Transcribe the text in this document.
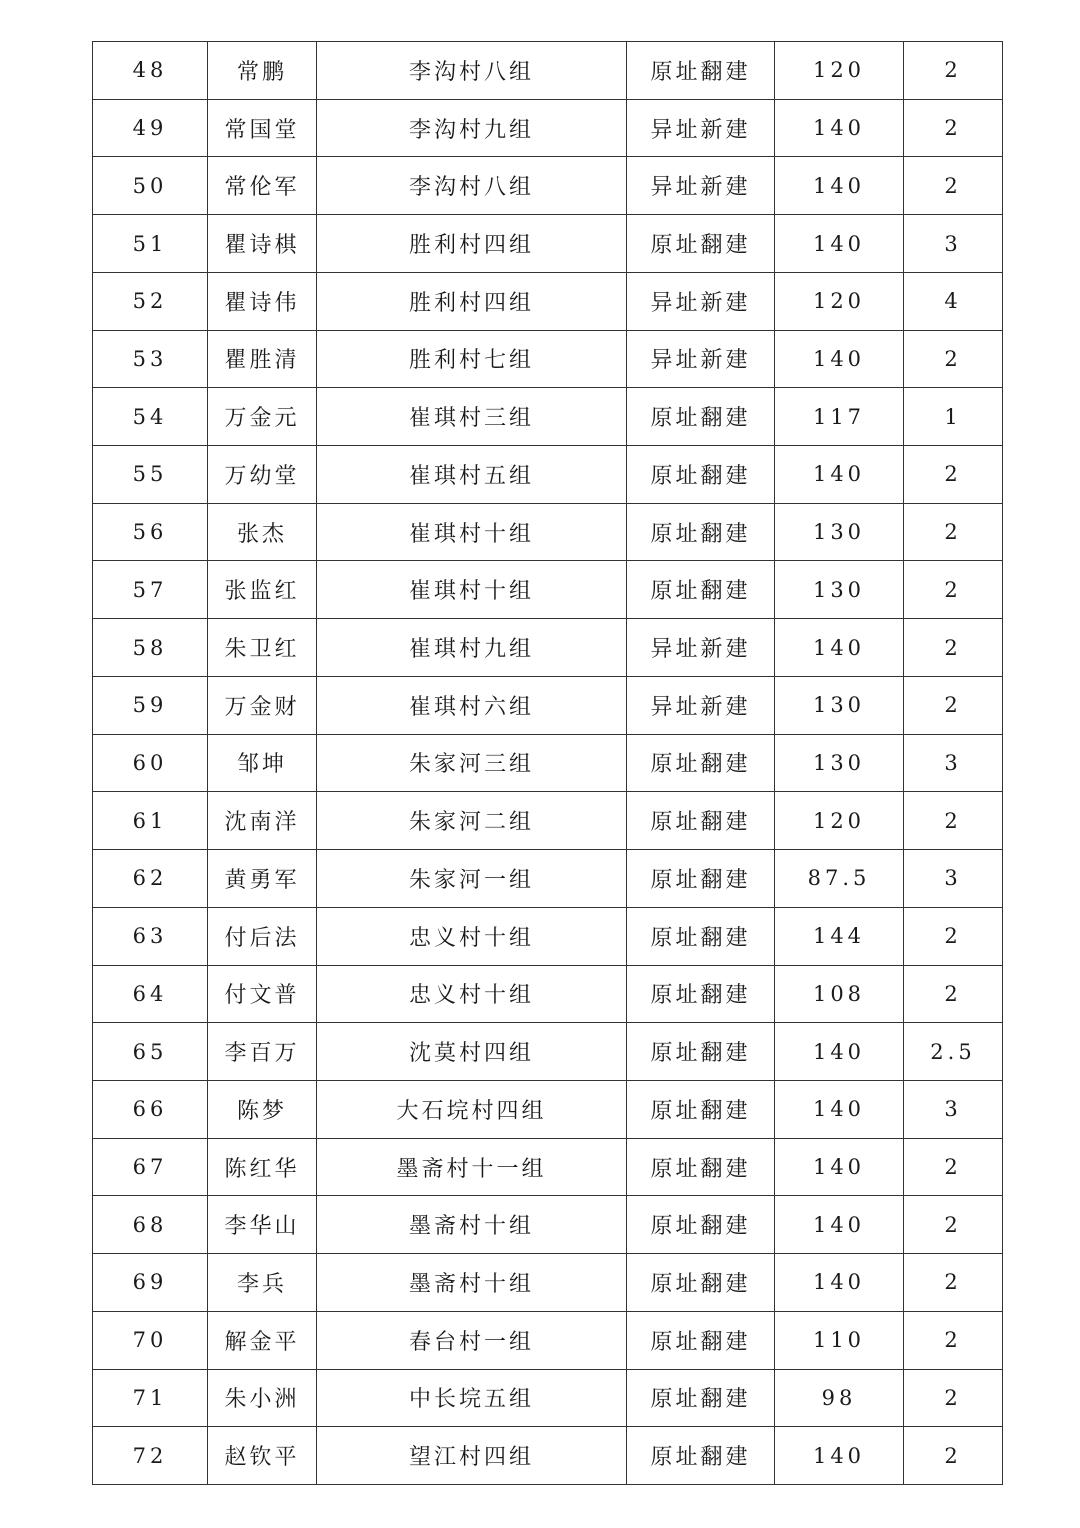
48	常鹏	李沟村八组	原址翻建	120	2
49	常国堂	李沟村九组	异址新建	140	2
50	常伦军	李沟村八组	异址新建	140	2
51	瞿诗棋	胜利村四组	原址翻建	140	3
52	瞿诗伟	胜利村四组	异址新建	120	4
53	瞿胜清	胜利村七组	异址新建	140	2
54	万金元	崔琪村三组	原址翻建	117	1
55	万幼堂	崔琪村五组	原址翻建	140	2
56	张杰	崔琪村十组	原址翻建	130	2
57	张监红	崔琪村十组	原址翻建	130	2
58	朱卫红	崔琪村九组	异址新建	140	2
59	万金财	崔琪村六组	异址新建	130	2
60	邹坤	朱家河三组	原址翻建	130	3
61	沈南洋	朱家河二组	原址翻建	120	2
62	黄勇军	朱家河一组	原址翻建	87.5	3
63	付后法	忠义村十组	原址翻建	144	2
64	付文普	忠义村十组	原址翻建	108	2
65	李百万	沈莫村四组	原址翻建	140	2.5
66	陈梦	大石垸村四组	原址翻建	140	3
67	陈红华	墨斋村十一组	原址翻建	140	2
68	李华山	墨斋村十组	原址翻建	140	2
69	李兵	墨斋村十组	原址翻建	140	2
70	解金平	春台村一组	原址翻建	110	2
71	朱小洲	中长垸五组	原址翻建	98	2
72	赵钦平	望江村四组	原址翻建	140	2
